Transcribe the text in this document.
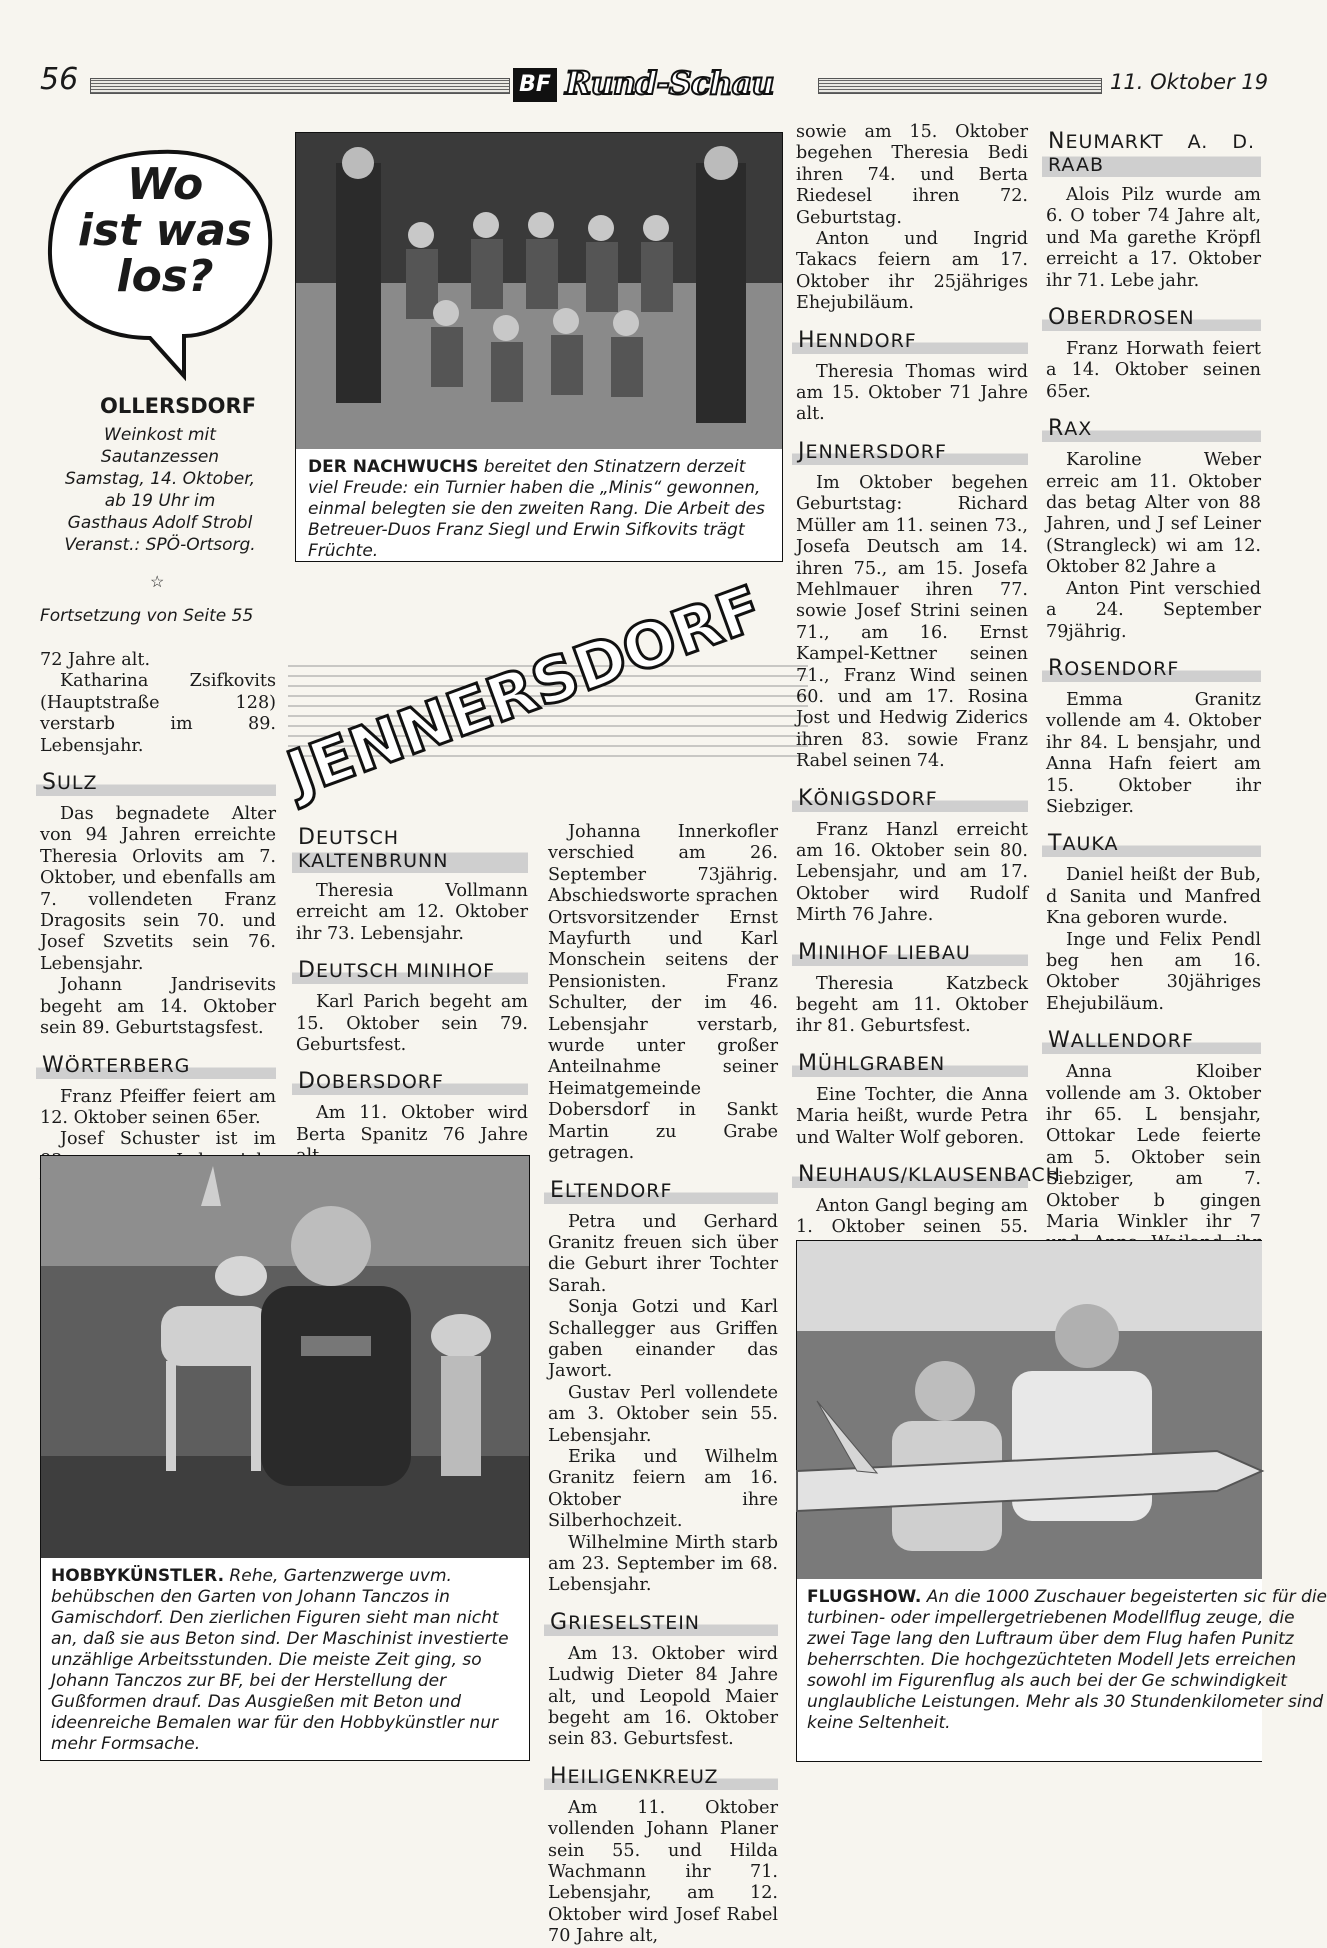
56	BF Rund-Schau	11. Oktober 19
Wo
ist was
los?
OLLERSDORF
Weinkost mit
Sautanzessen
Samstag, 14. Oktober,
ab 19 Uhr im
Gasthaus Adolf Strobl
Veranst.: SPÖ-Ortsorg.
☆
Fortsetzung von Seite 55

72 Jahre alt.

Katharina Zsifkovits (Hauptstraße 128) verstarb im 89. Lebensjahr.

SULZ

Das begnadete Alter von 94 Jahren erreichte Theresia Orlovits am 7. Oktober, und ebenfalls am 7. vollendeten Franz Dragosits sein 70. und Josef Szvetits sein 76. Lebensjahr.

Johann Jandrisevits begeht am 14. Oktober sein 89. Geburtstagsfest.

WÖRTERBERG

Franz Pfeiffer feiert am 12. Oktober seinen 65er.

Josef Schuster ist im

DER NACHWUCHS bereitet den Stinatzern derzeit viel Freude: ein Turnier haben die „Minis“ gewonnen, einmal belegten sie den zweiten Rang. Die Arbeit des Betreuer-Duos Franz Siegl und Erwin Sifkovits trägt Früchte.
JENNERSDORF
DEUTSCH KALTENBRUNN

Theresia Vollmann erreicht am 12. Oktober ihr 73. Lebensjahr.

DEUTSCH MINIHOF

Karl Parich begeht am 15. Oktober sein 79. Geburtsfest.

DOBERSDORF

Am 11. Oktober wird Berta Spanitz 76 Jahre

Johanna Innerkofler verschied am 26. September 73jährig. Abschiedsworte sprachen Ortsvorsitzender Ernst Mayfurth und Karl Monschein seitens der Pensionisten. Franz Schulter, der im 46. Lebensjahr verstarb, wurde unter großer Anteilnahme seiner Heimatgemeinde Dobersdorf in Sankt Martin zu Grabe getragen.

ELTENDORF

Petra und Gerhard Granitz freuen sich über die Geburt ihrer Tochter Sarah.

Sonja Gotzi und Karl Schallegger aus Griffen gaben einander das Jawort.

Gustav Perl vollendete am 3. Oktober sein 55. Lebensjahr.

Erika und Wilhelm Granitz feiern am 16. Oktober ihre Silberhochzeit.

Wilhelmine Mirth starb am 23. September im 68. Lebensjahr.

GRIESELSTEIN

Am 13. Oktober wird Ludwig Dieter 84 Jahre alt, und Leopold Maier begeht am 16. Oktober sein 83. Geburtsfest.

HEILIGENKREUZ

Am 11. Oktober vollenden Johann Planer sein 55. und Hilda Wachmann ihr 71. Lebensjahr, am 12. Oktober wird Josef Rabel 70 Jahre alt,

sowie am 15. Oktober begehen Theresia Bedi ihren 74. und Berta Riedesel ihren 72. Geburtstag.

Anton und Ingrid Takacs feiern am 17. Oktober ihr 25jähriges Ehejubiläum.

HENNDORF

Theresia Thomas wird am 15. Oktober 71 Jahre alt.

JENNERSDORF

Im Oktober begehen Geburtstag: Richard Müller am 11. seinen 73., Josefa Deutsch am 14. ihren 75., am 15. Josefa Mehlmauer ihren 77. sowie Josef Strini seinen 71., am 16. Ernst Kampel-Kettner seinen 71., Franz Wind seinen 60. und am 17. Rosina Jost und Hedwig Ziderics ihren 83. sowie Franz Rabel seinen 74.

KÖNIGSDORF

Franz Hanzl erreicht am 16. Oktober sein 80. Lebensjahr, und am 17. Oktober wird Rudolf Mirth 76 Jahre.

MINIHOF LIEBAU

Theresia Katzbeck begeht am 11. Oktober ihr 81. Geburtsfest.

MÜHLGRABEN

Eine Tochter, die Anna Maria heißt, wurde Petra und Walter Wolf geboren.

NEUHAUS/KLAUSENBACH

Anton Gangl beging am 1. Oktober seinen 55.

NEUMARKT A. D. RAAB

Alois Pilz wurde am 6. O tober 74 Jahre alt, und Ma garethe Kröpfl erreicht a 17. Oktober ihr 71. Lebe jahr.

OBERDROSEN

Franz Horwath feiert a 14. Oktober seinen 65er.

RAX

Karoline Weber erreic am 11. Oktober das betag Alter von 88 Jahren, und J sef Leiner (Strangleck) wi am 12. Oktober 82 Jahre a

Anton Pint verschied a 24. September 79jährig.

ROSENDORF

Emma Granitz vollende am 4. Oktober ihr 84. L bensjahr, und Anna Hafn feiert am 15. Oktober ihr Siebziger.

TAUKA

Daniel heißt der Bub, d Sanita und Manfred Kna geboren wurde.

Inge und Felix Pendl beg hen am 16. Oktober 30jähriges Ehejubiläum.

WALLENDORF

Anna Kloiber vollende am 3. Oktober ihr 65. L bensjahr, Ottokar Lede feierte am 5. Oktober sein Siebziger, am 7. Oktober b gingen Maria Winkler ihr 7

HOBBYKÜNSTLER. Rehe, Gartenzwerge uvm. behübschen den Garten von Johann Tanczos in Gamischdorf. Den zierlichen Figuren sieht man nicht an, daß sie aus Beton sind. Der Maschinist investierte unzählige Arbeitsstunden. Die meiste Zeit ging, so Johann Tanczos zur BF, bei der Herstellung der Gußformen drauf. Das Ausgießen mit Beton und ideenreiche Bemalen war für den Hobbykünstler nur mehr Formsache.
FLUGSHOW. An die 1000 Zuschauer begeisterten sic für die turbinen- oder impellergetriebenen Modellflug zeuge, die zwei Tage lang den Luftraum über dem Flug hafen Punitz beherrschten. Die hochgezüchteten Modell Jets erreichen sowohl im Figurenflug als auch bei der Ge schwindigkeit unglaubliche Leistungen. Mehr als 30 Stundenkilometer sind keine Seltenheit.
